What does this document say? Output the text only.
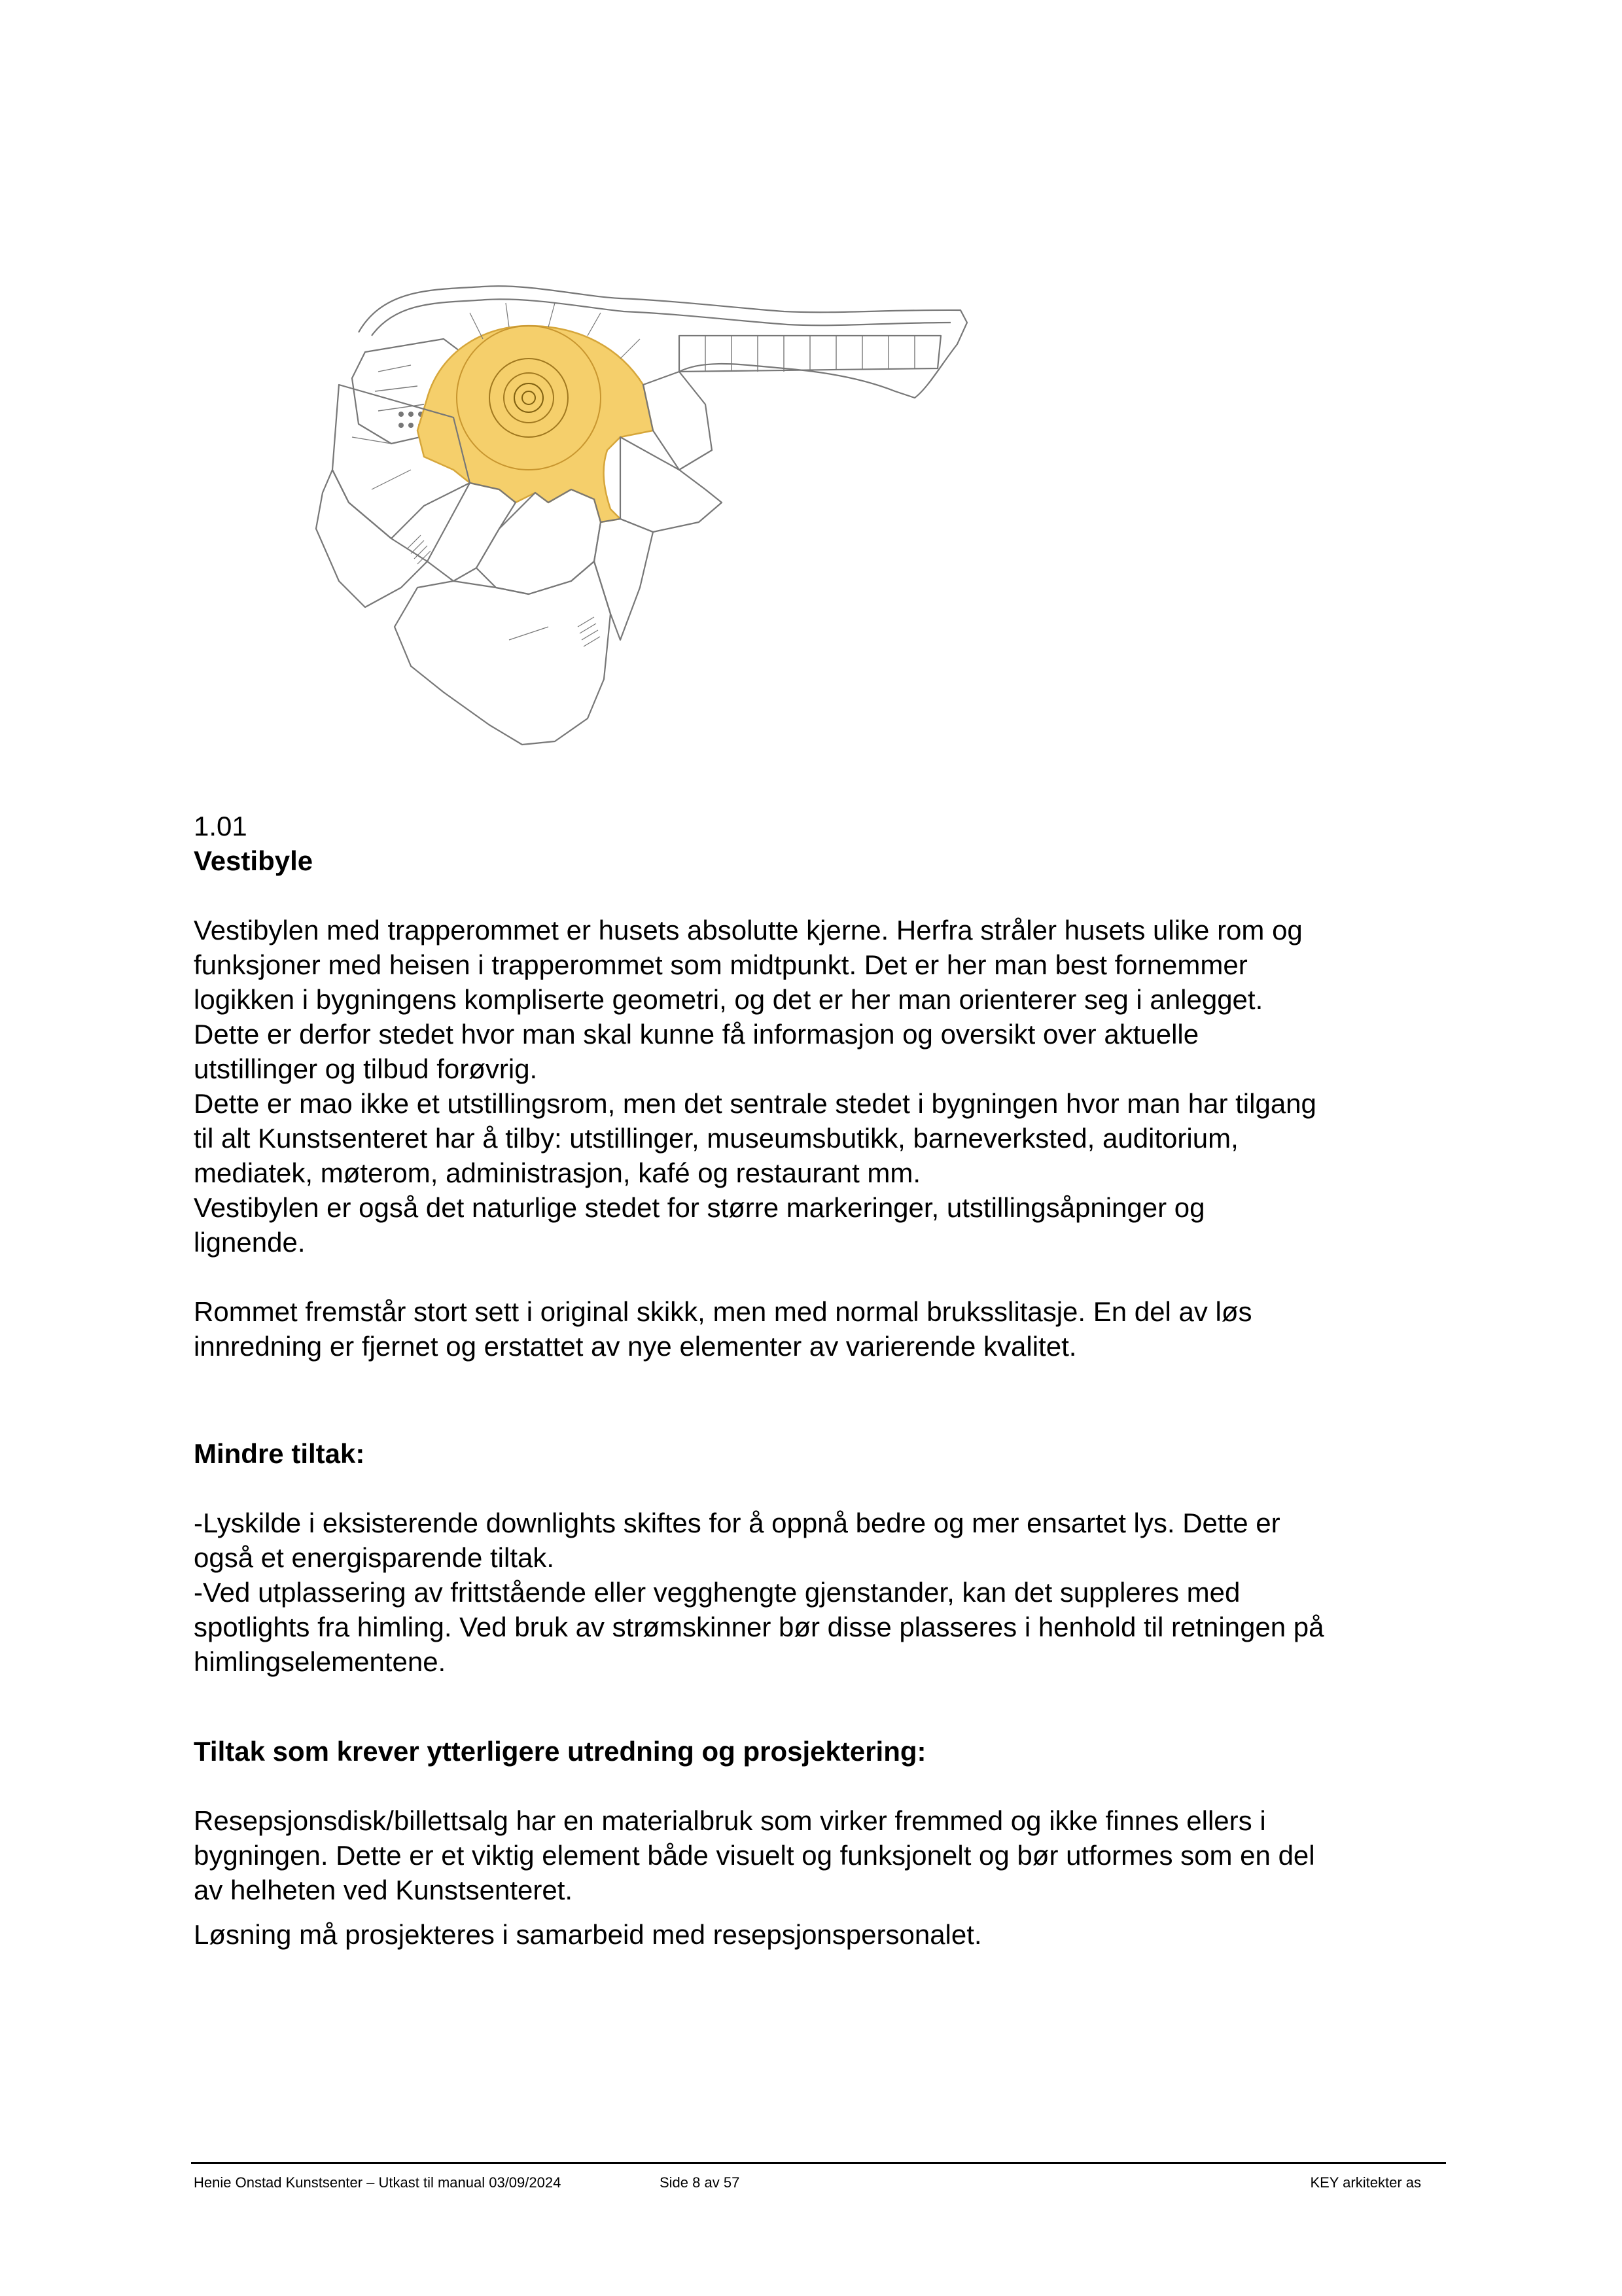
1.01
Vestibyle

Vestibylen med trapperommet er husets absolutte kjerne. Herfra stråler husets ulike rom og

funksjoner med heisen i trapperommet som midtpunkt. Det er her man best fornemmer

logikken i bygningens kompliserte geometri, og det er her man orienterer seg i anlegget.

Dette er derfor stedet hvor man skal kunne få informasjon og oversikt over aktuelle

utstillinger og tilbud forøvrig.

Dette er mao ikke et utstillingsrom, men det sentrale stedet i bygningen hvor man har tilgang

til alt Kunstsenteret har å tilby: utstillinger, museumsbutikk, barneverksted, auditorium,

mediatek, møterom, administrasjon, kafé og restaurant mm.

Vestibylen er også det naturlige stedet for større markeringer, utstillingsåpninger og

lignende.

Rommet fremstår stort sett i original skikk, men med normal bruksslitasje. En del av løs

innredning er fjernet og erstattet av nye elementer av varierende kvalitet.

Mindre tiltak:

-Lyskilde i eksisterende downlights skiftes for å oppnå bedre og mer ensartet lys. Dette er

også et energisparende tiltak.

-Ved utplassering av frittstående eller vegghengte gjenstander, kan det suppleres med

spotlights fra himling. Ved bruk av strømskinner bør disse plasseres i henhold til retningen på

himlingselementene.

Tiltak som krever ytterligere utredning og prosjektering:

Resepsjonsdisk/billettsalg har en materialbruk som virker fremmed og ikke finnes ellers i

bygningen. Dette er et viktig element både visuelt og funksjonelt og bør utformes som en del

av helheten ved Kunstsenteret.

Løsning må prosjekteres i samarbeid med resepsjonspersonalet.
Henie Onstad Kunstsenter – Utkast til manual 03/09/2024	Side 8 av 57	KEY arkitekter as
